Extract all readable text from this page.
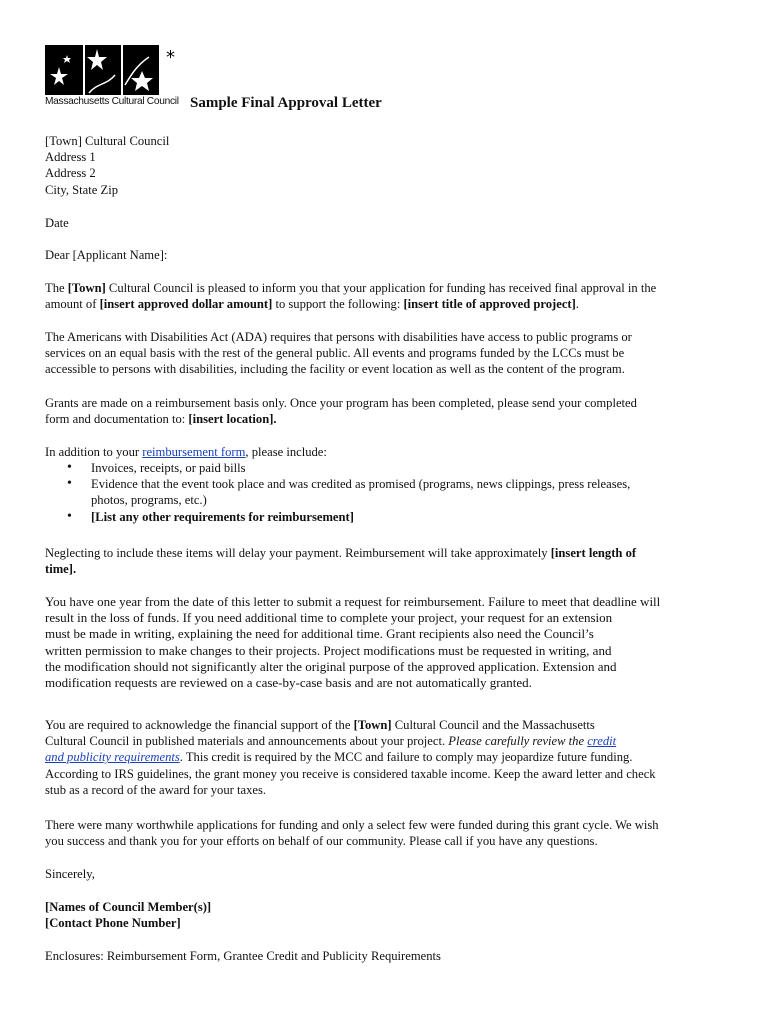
*
Massachusetts Cultural Council Sample Final Approval Letter
[Town] Cultural Council
Address 1
Address 2
City, State Zip
Date
Dear [Applicant Name]:
The [Town] Cultural Council is pleased to inform you that your application for funding has received final approval in the
amount of [insert approved dollar amount] to support the following: [insert title of approved project].
The Americans with Disabilities Act (ADA) requires that persons with disabilities have access to public programs or
services on an equal basis with the rest of the general public. All events and programs funded by the LCCs must be
accessible to persons with disabilities, including the facility or event location as well as the content of the program.
Grants are made on a reimbursement basis only. Once your program has been completed, please send your completed
form and documentation to: [insert location].
In addition to your reimbursement form, please include:
• Invoices, receipts, or paid bills
• Evidence that the event took place and was credited as promised (programs, news clippings, press releases,
photos, programs, etc.)
• [List any other requirements for reimbursement]
Neglecting to include these items will delay your payment. Reimbursement will take approximately [insert length of
time].
You have one year from the date of this letter to submit a request for reimbursement. Failure to meet that deadline will
result in the loss of funds. If you need additional time to complete your project, your request for an extension
must be made in writing, explaining the need for additional time. Grant recipients also need the Council’s
written permission to make changes to their projects. Project modifications must be requested in writing, and
the modification should not significantly alter the original purpose of the approved application. Extension and
modification requests are reviewed on a case-by-case basis and are not automatically granted.
You are required to acknowledge the financial support of the [Town] Cultural Council and the Massachusetts
Cultural Council in published materials and announcements about your project. Please carefully review the credit
and publicity requirements. This credit is required by the MCC and failure to comply may jeopardize future funding.
According to IRS guidelines, the grant money you receive is considered taxable income. Keep the award letter and check
stub as a record of the award for your taxes.
There were many worthwhile applications for funding and only a select few were funded during this grant cycle. We wish
you success and thank you for your efforts on behalf of our community. Please call if you have any questions.
Sincerely,
[Names of Council Member(s)]
[Contact Phone Number]
Enclosures: Reimbursement Form, Grantee Credit and Publicity Requirements
